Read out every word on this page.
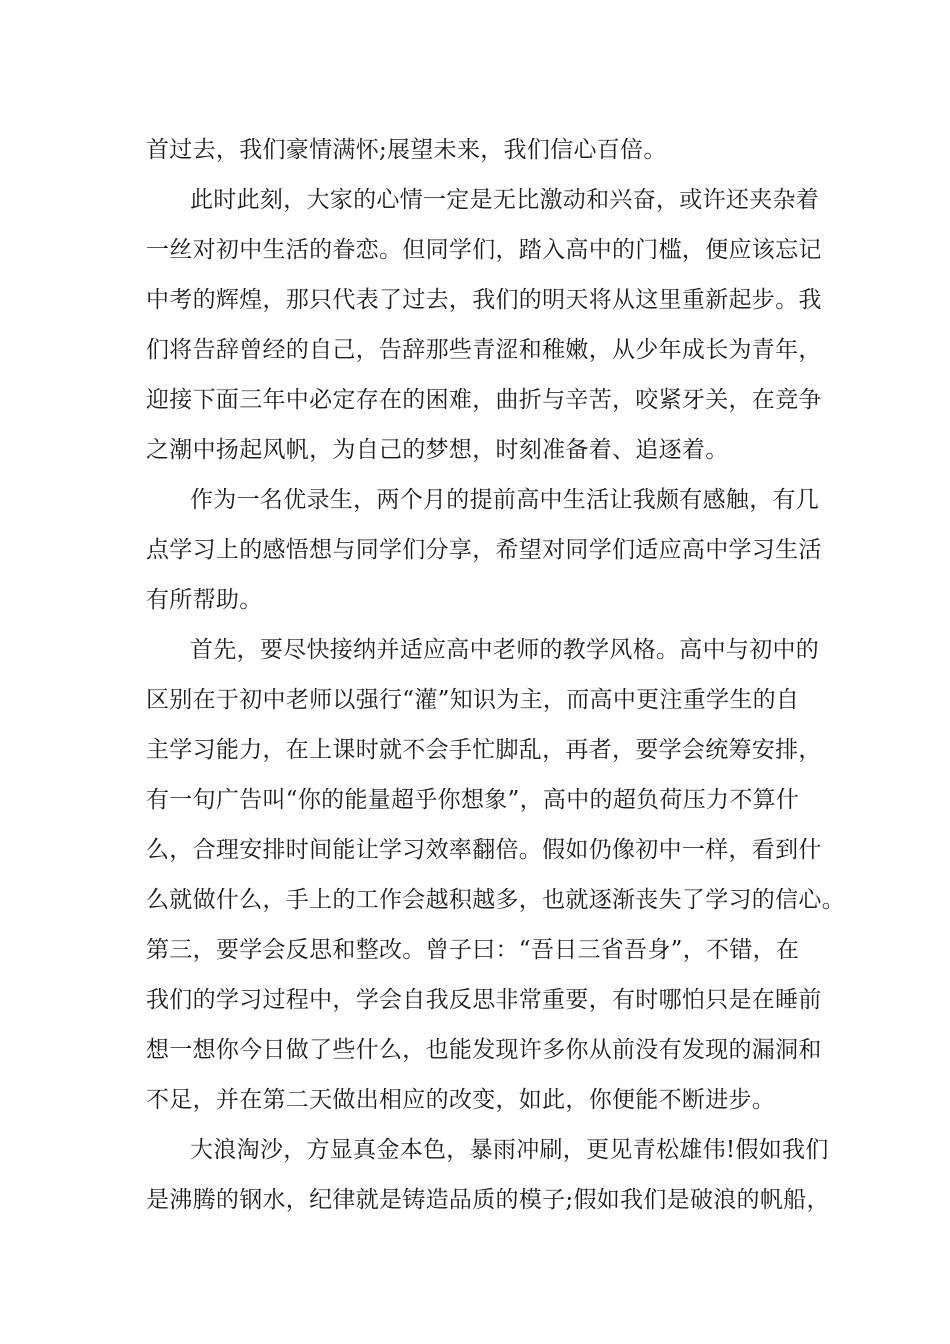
首过去，我们豪情满怀;展望未来，我们信心百倍。

此时此刻，大家的心情一定是无比激动和兴奋，或许还夹杂着

一丝对初中生活的眷恋。但同学们，踏入高中的门槛，便应该忘记

中考的辉煌，那只代表了过去，我们的明天将从这里重新起步。我

们将告辞曾经的自己，告辞那些青涩和稚嫩，从少年成长为青年，

迎接下面三年中必定存在的困难，曲折与辛苦，咬紧牙关，在竞争

之潮中扬起风帆，为自己的梦想，时刻准备着、追逐着。

作为一名优录生，两个月的提前高中生活让我颇有感触，有几

点学习上的感悟想与同学们分享，希望对同学们适应高中学习生活

有所帮助。

首先，要尽快接纳并适应高中老师的教学风格。高中与初中的

区别在于初中老师以强行“灌”知识为主，而高中更注重学生的自

主学习能力，在上课时就不会手忙脚乱，再者，要学会统筹安排，

有一句广告叫“你的能量超乎你想象”，高中的超负荷压力不算什

么，合理安排时间能让学习效率翻倍。假如仍像初中一样，看到什

么就做什么，手上的工作会越积越多，也就逐渐丧失了学习的信心。

第三，要学会反思和整改。曾子曰：“吾日三省吾身”，不错，在

我们的学习过程中，学会自我反思非常重要，有时哪怕只是在睡前

想一想你今日做了些什么，也能发现许多你从前没有发现的漏洞和

不足，并在第二天做出相应的改变，如此，你便能不断进步。

大浪淘沙，方显真金本色，暴雨冲刷，更见青松雄伟!假如我们

是沸腾的钢水，纪律就是铸造品质的模子;假如我们是破浪的帆船，
